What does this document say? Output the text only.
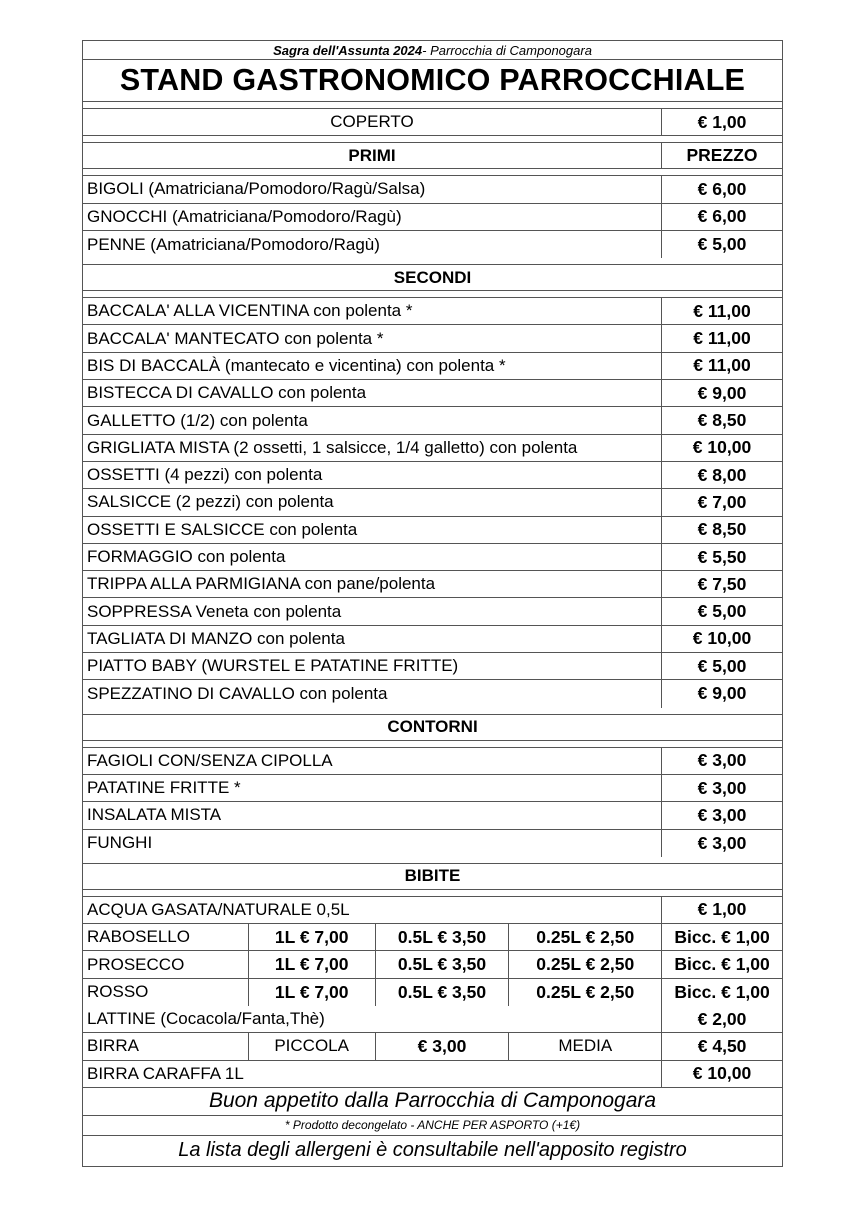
Sagra dell'Assunta 2024 - Parrocchia di Camponogara
STAND GASTRONOMICO PARROCCHIALE
COPERTO	€ 1,00
PRIMI	PREZZO
BIGOLI (Amatriciana/Pomodoro/Ragù/Salsa)	€ 6,00
GNOCCHI (Amatriciana/Pomodoro/Ragù)	€ 6,00
PENNE (Amatriciana/Pomodoro/Ragù)	€ 5,00
SECONDI
BACCALA' ALLA VICENTINA con polenta *	€ 11,00
BACCALA' MANTECATO con polenta *	€ 11,00
BIS DI BACCALÀ (mantecato e vicentina) con polenta *	€ 11,00
BISTECCA DI CAVALLO con polenta	€ 9,00
GALLETTO (1/2) con polenta	€ 8,50
GRIGLIATA MISTA (2 ossetti, 1 salsicce, 1/4 galletto) con polenta	€ 10,00
OSSETTI (4 pezzi) con polenta	€ 8,00
SALSICCE (2 pezzi) con polenta	€ 7,00
OSSETTI E SALSICCE con polenta	€ 8,50
FORMAGGIO con polenta	€ 5,50
TRIPPA ALLA PARMIGIANA con pane/polenta	€ 7,50
SOPPRESSA Veneta con polenta	€ 5,00
TAGLIATA DI MANZO con polenta	€ 10,00
PIATTO BABY (WURSTEL E PATATINE FRITTE)	€ 5,00
SPEZZATINO DI CAVALLO con polenta	€ 9,00
CONTORNI
FAGIOLI CON/SENZA CIPOLLA	€ 3,00
PATATINE FRITTE *	€ 3,00
INSALATA MISTA	€ 3,00
FUNGHI	€ 3,00
BIBITE
ACQUA GASATA/NATURALE 0,5L	€ 1,00
RABOSELLO	1L € 7,00	0.5L € 3,50	0.25L € 2,50	Bicc. € 1,00
PROSECCO	1L € 7,00	0.5L € 3,50	0.25L € 2,50	Bicc. € 1,00
ROSSO	1L € 7,00	0.5L € 3,50	0.25L € 2,50	Bicc. € 1,00
LATTINE (Cocacola/Fanta,Thè)	€ 2,00
BIRRA	PICCOLA	€ 3,00	MEDIA	€ 4,50
BIRRA CARAFFA 1L	€ 10,00
Buon appetito dalla Parrocchia di Camponogara
* Prodotto decongelato - ANCHE PER ASPORTO (+1€)
La lista degli allergeni è consultabile nell'apposito registro
